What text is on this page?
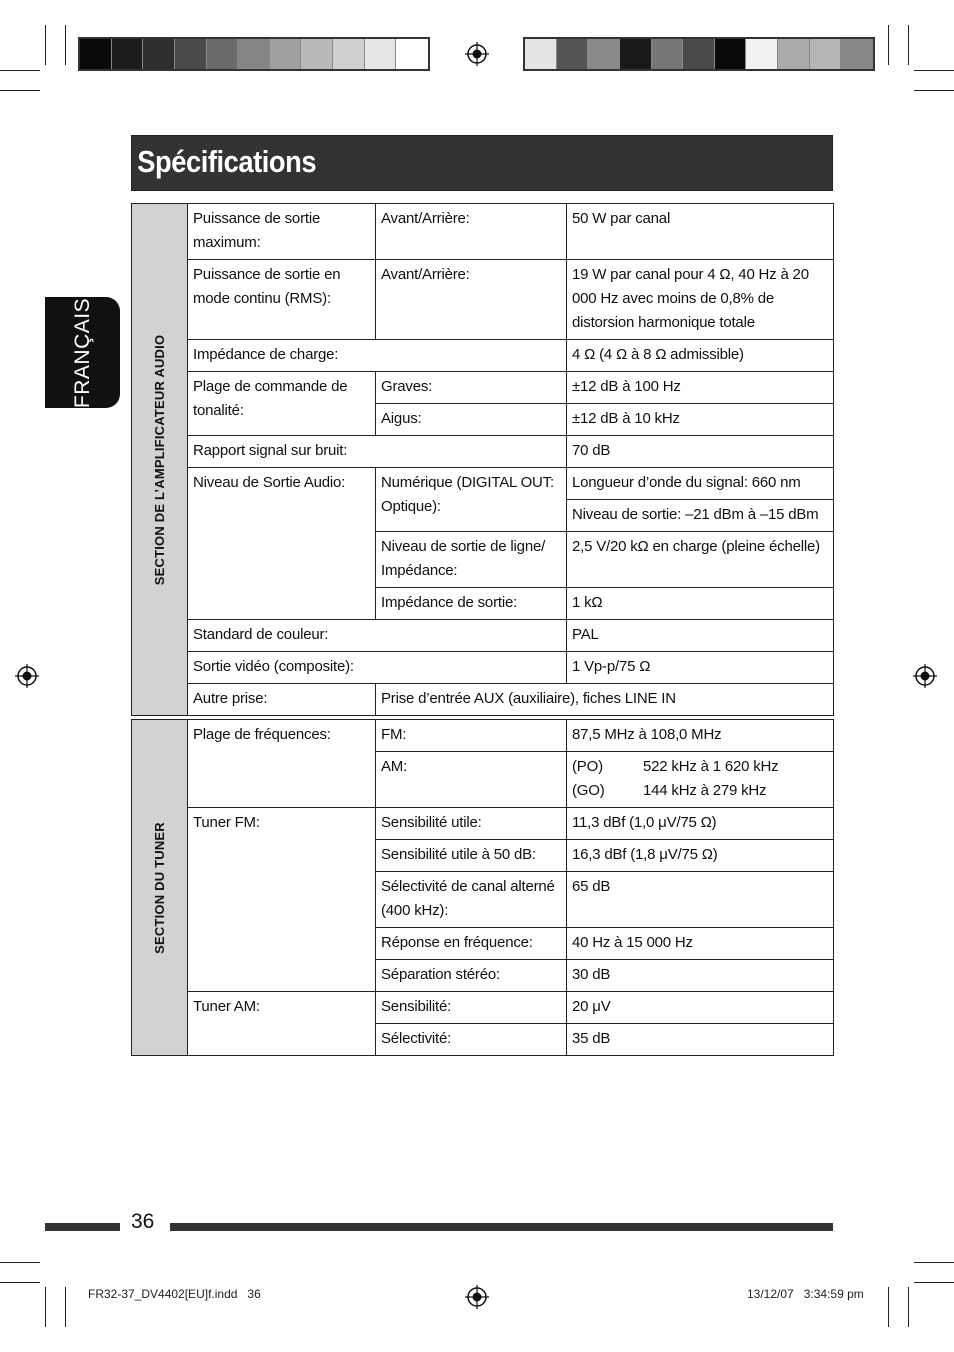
FRANÇAIS
Spécifications
SECTION DE L’AMPLIFICATEUR AUDIO	Puissance de sortie maximum:	Avant/Arrière:	50 W par canal
	Puissance de sortie en mode continu (RMS):	Avant/Arrière:	19 W par canal pour 4 Ω, 40 Hz à 20 000 Hz avec moins de 0,8% de distorsion harmonique totale
	Impédance de charge:		4 Ω (4 Ω à 8 Ω admissible)
	Plage de commande de tonalité:	Graves:	±12 dB à 100 Hz
		Aigus:	±12 dB à 10 kHz
	Rapport signal sur bruit:		70 dB
	Niveau de Sortie Audio:	Numérique (DIGITAL OUT: Optique):	Longueur d’onde du signal: 660 nm
			Niveau de sortie: –21 dBm à –15 dBm
		Niveau de sortie de ligne/ Impédance:	2,5 V/20 kΩ en charge (pleine échelle)
		Impédance de sortie:	1 kΩ
	Standard de couleur:		PAL
	Sortie vidéo (composite):		1 Vp-p/75 Ω
	Autre prise:	Prise d’entrée AUX (auxiliaire), fiches LINE IN	
SECTION DU TUNER	Plage de fréquences:	FM:	87,5 MHz à 108,0 MHz
		AM:	(PO) 522 kHz à 1 620 kHz
(GO) 144 kHz à 279 kHz

	Tuner FM:	Sensibilité utile:	11,3 dBf (1,0 μV/75 Ω)
		Sensibilité utile à 50 dB:	16,3 dBf (1,8 μV/75 Ω)
		Sélectivité de canal alterné (400 kHz):	65 dB
		Réponse en fréquence:	40 Hz à 15 000 Hz
		Séparation stéréo:	30 dB
	Tuner AM:	Sensibilité:	20 μV
		Sélectivité:	35 dB
36
FR32-37_DV4402[EU]f.indd   36	13/12/07   3:34:59 pm
